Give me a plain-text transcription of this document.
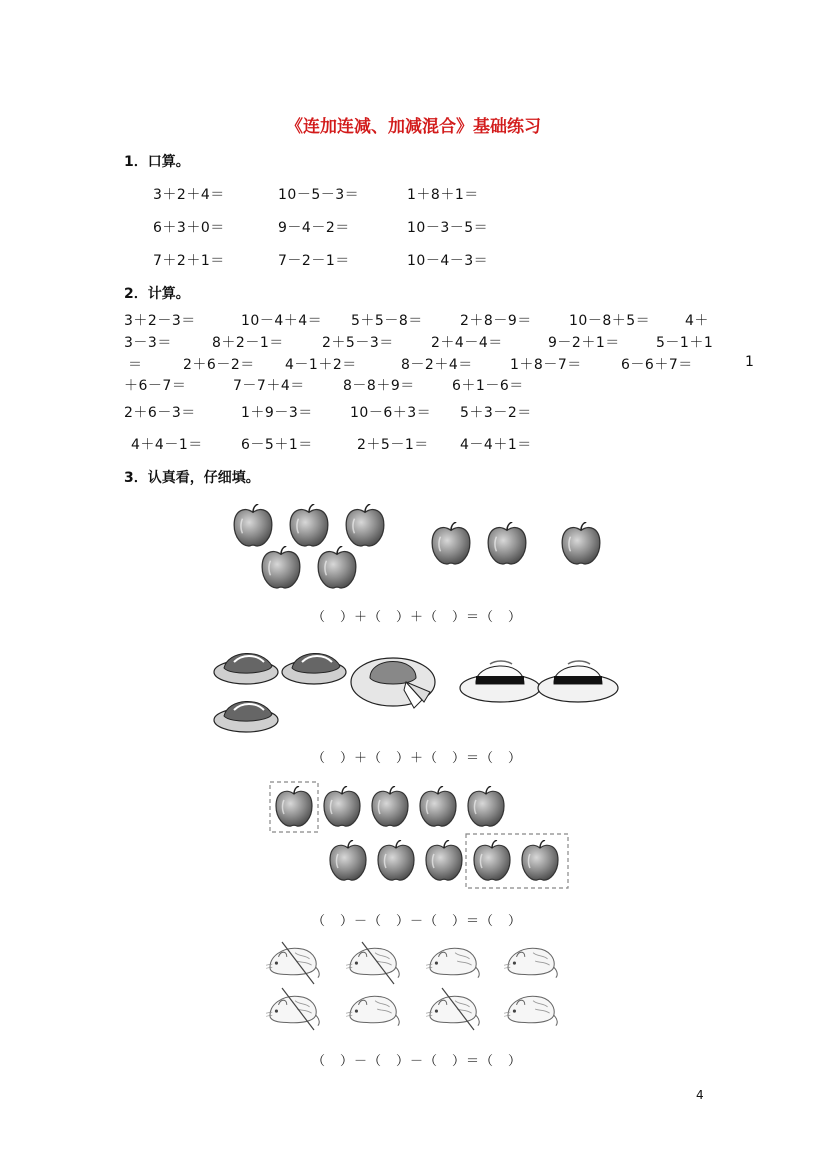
《连加连减、加减混合》基础练习
1．口算。
3＋2＋4＝	10－5－3＝	1＋8＋1＝
6＋3＋0＝	9－4－2＝	10－3－5＝
7＋2＋1＝	7－2－1＝	10－4－3＝
2．计算。
3＋2－3＝	10－4＋4＝ 5＋5－8＝	2＋8－9＝	10－8＋5＝ 4＋
3－3＝	8＋2－1＝	2＋5－3＝	2＋4－4＝	9－2＋1＝	5－1＋1
＝	2＋6－2＝ 4－1＋2＝	8－2＋4＝	1＋8－7＝	6－6＋7＝	1
＋6－7＝	7－7＋4＝	8－8＋9＝	6＋1－6＝
2＋6－3＝	1＋9－3＝	10－6＋3＝ 5＋3－2＝
4＋4－1＝	6－5＋1＝	2＋5－1＝ 4－4＋1＝
3．认真看，仔细填。
（　）＋（　）＋（　）＝（　）
（　）＋（　）＋（　）＝（　）
（　）－（　）－（　）＝（　）
（　）－（　）－（　）＝（　）
4
